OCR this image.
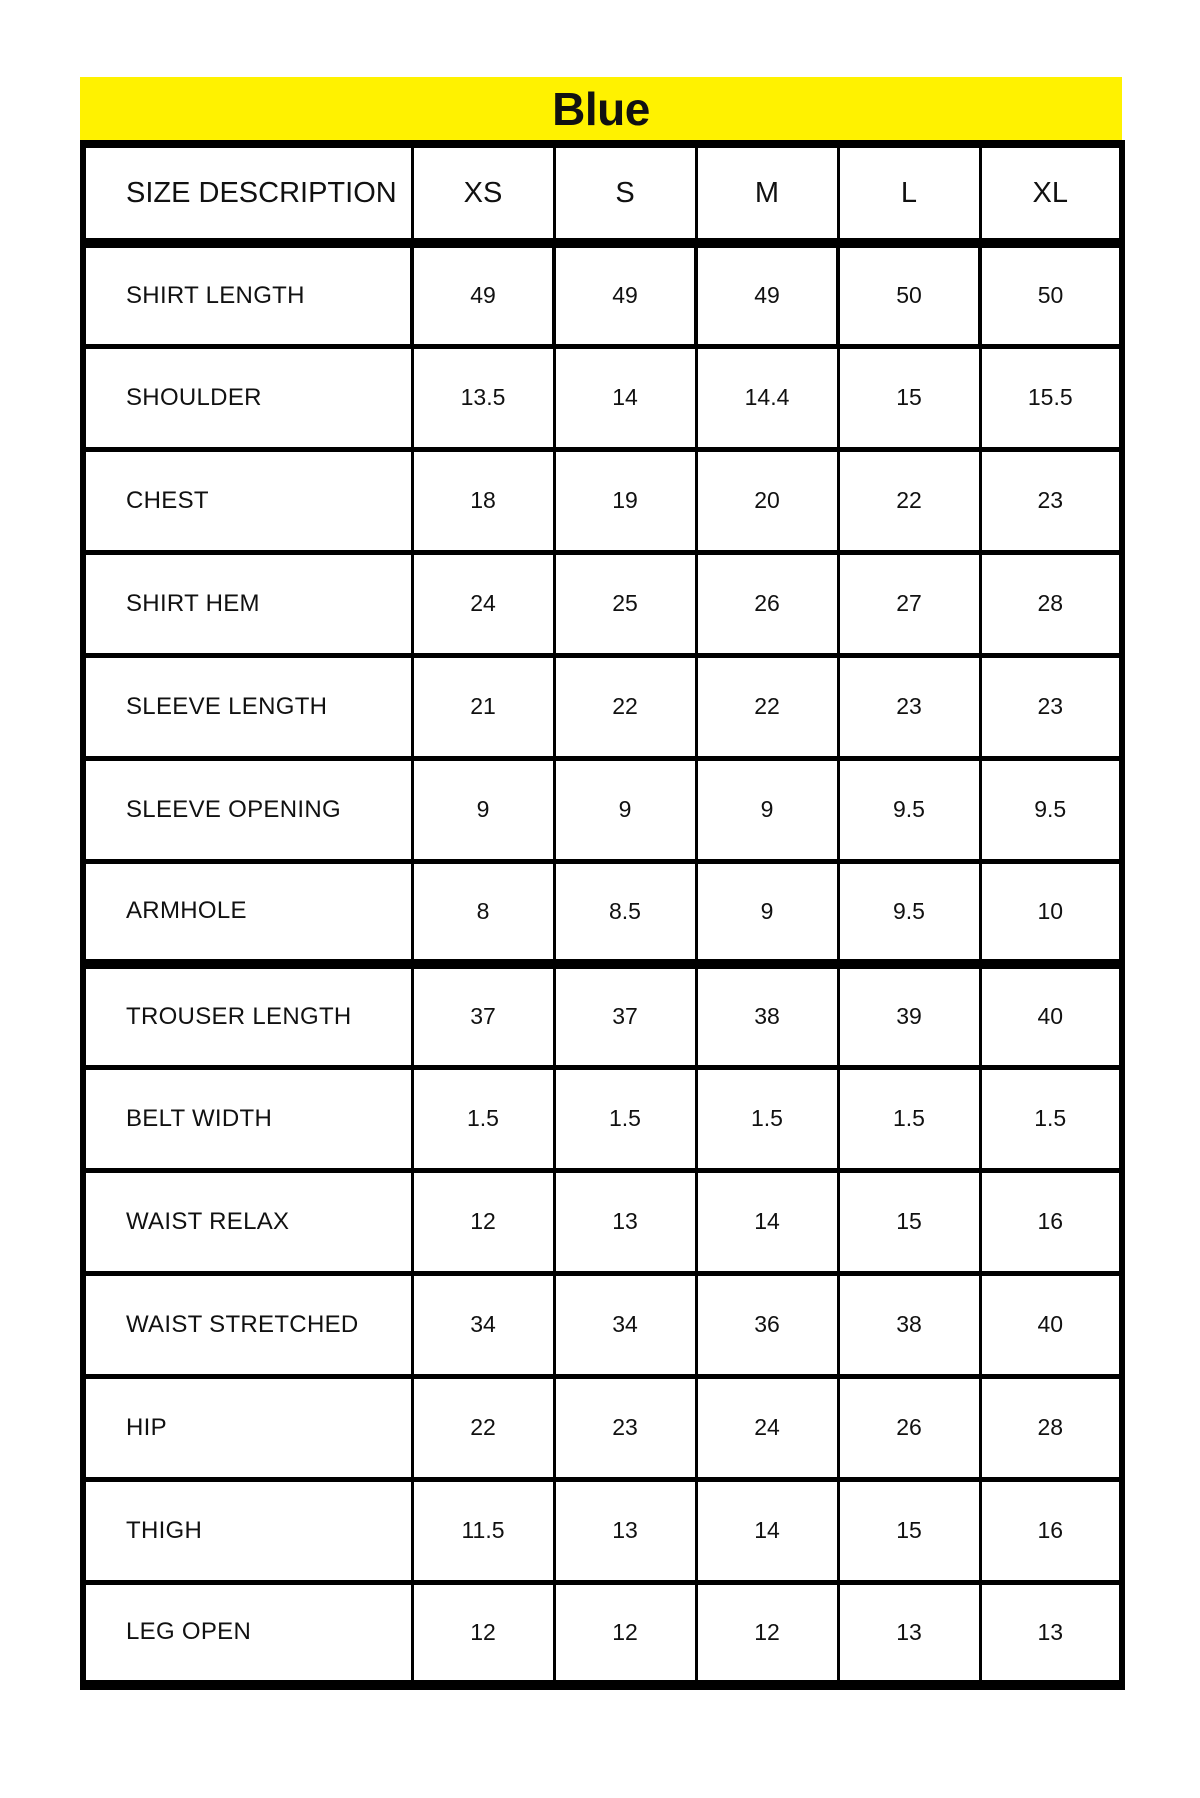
Blue
SIZE DESCRIPTION	XS	S	M	L	XL
SHIRT LENGTH	49	49	49	50	50
SHOULDER	13.5	14	14.4	15	15.5
CHEST	18	19	20	22	23
SHIRT HEM	24	25	26	27	28
SLEEVE LENGTH	21	22	22	23	23
SLEEVE OPENING	9	9	9	9.5	9.5
ARMHOLE	8	8.5	9	9.5	10
TROUSER LENGTH	37	37	38	39	40
BELT WIDTH	1.5	1.5	1.5	1.5	1.5
WAIST RELAX	12	13	14	15	16
WAIST STRETCHED	34	34	36	38	40
HIP	22	23	24	26	28
THIGH	11.5	13	14	15	16
LEG OPEN	12	12	12	13	13
